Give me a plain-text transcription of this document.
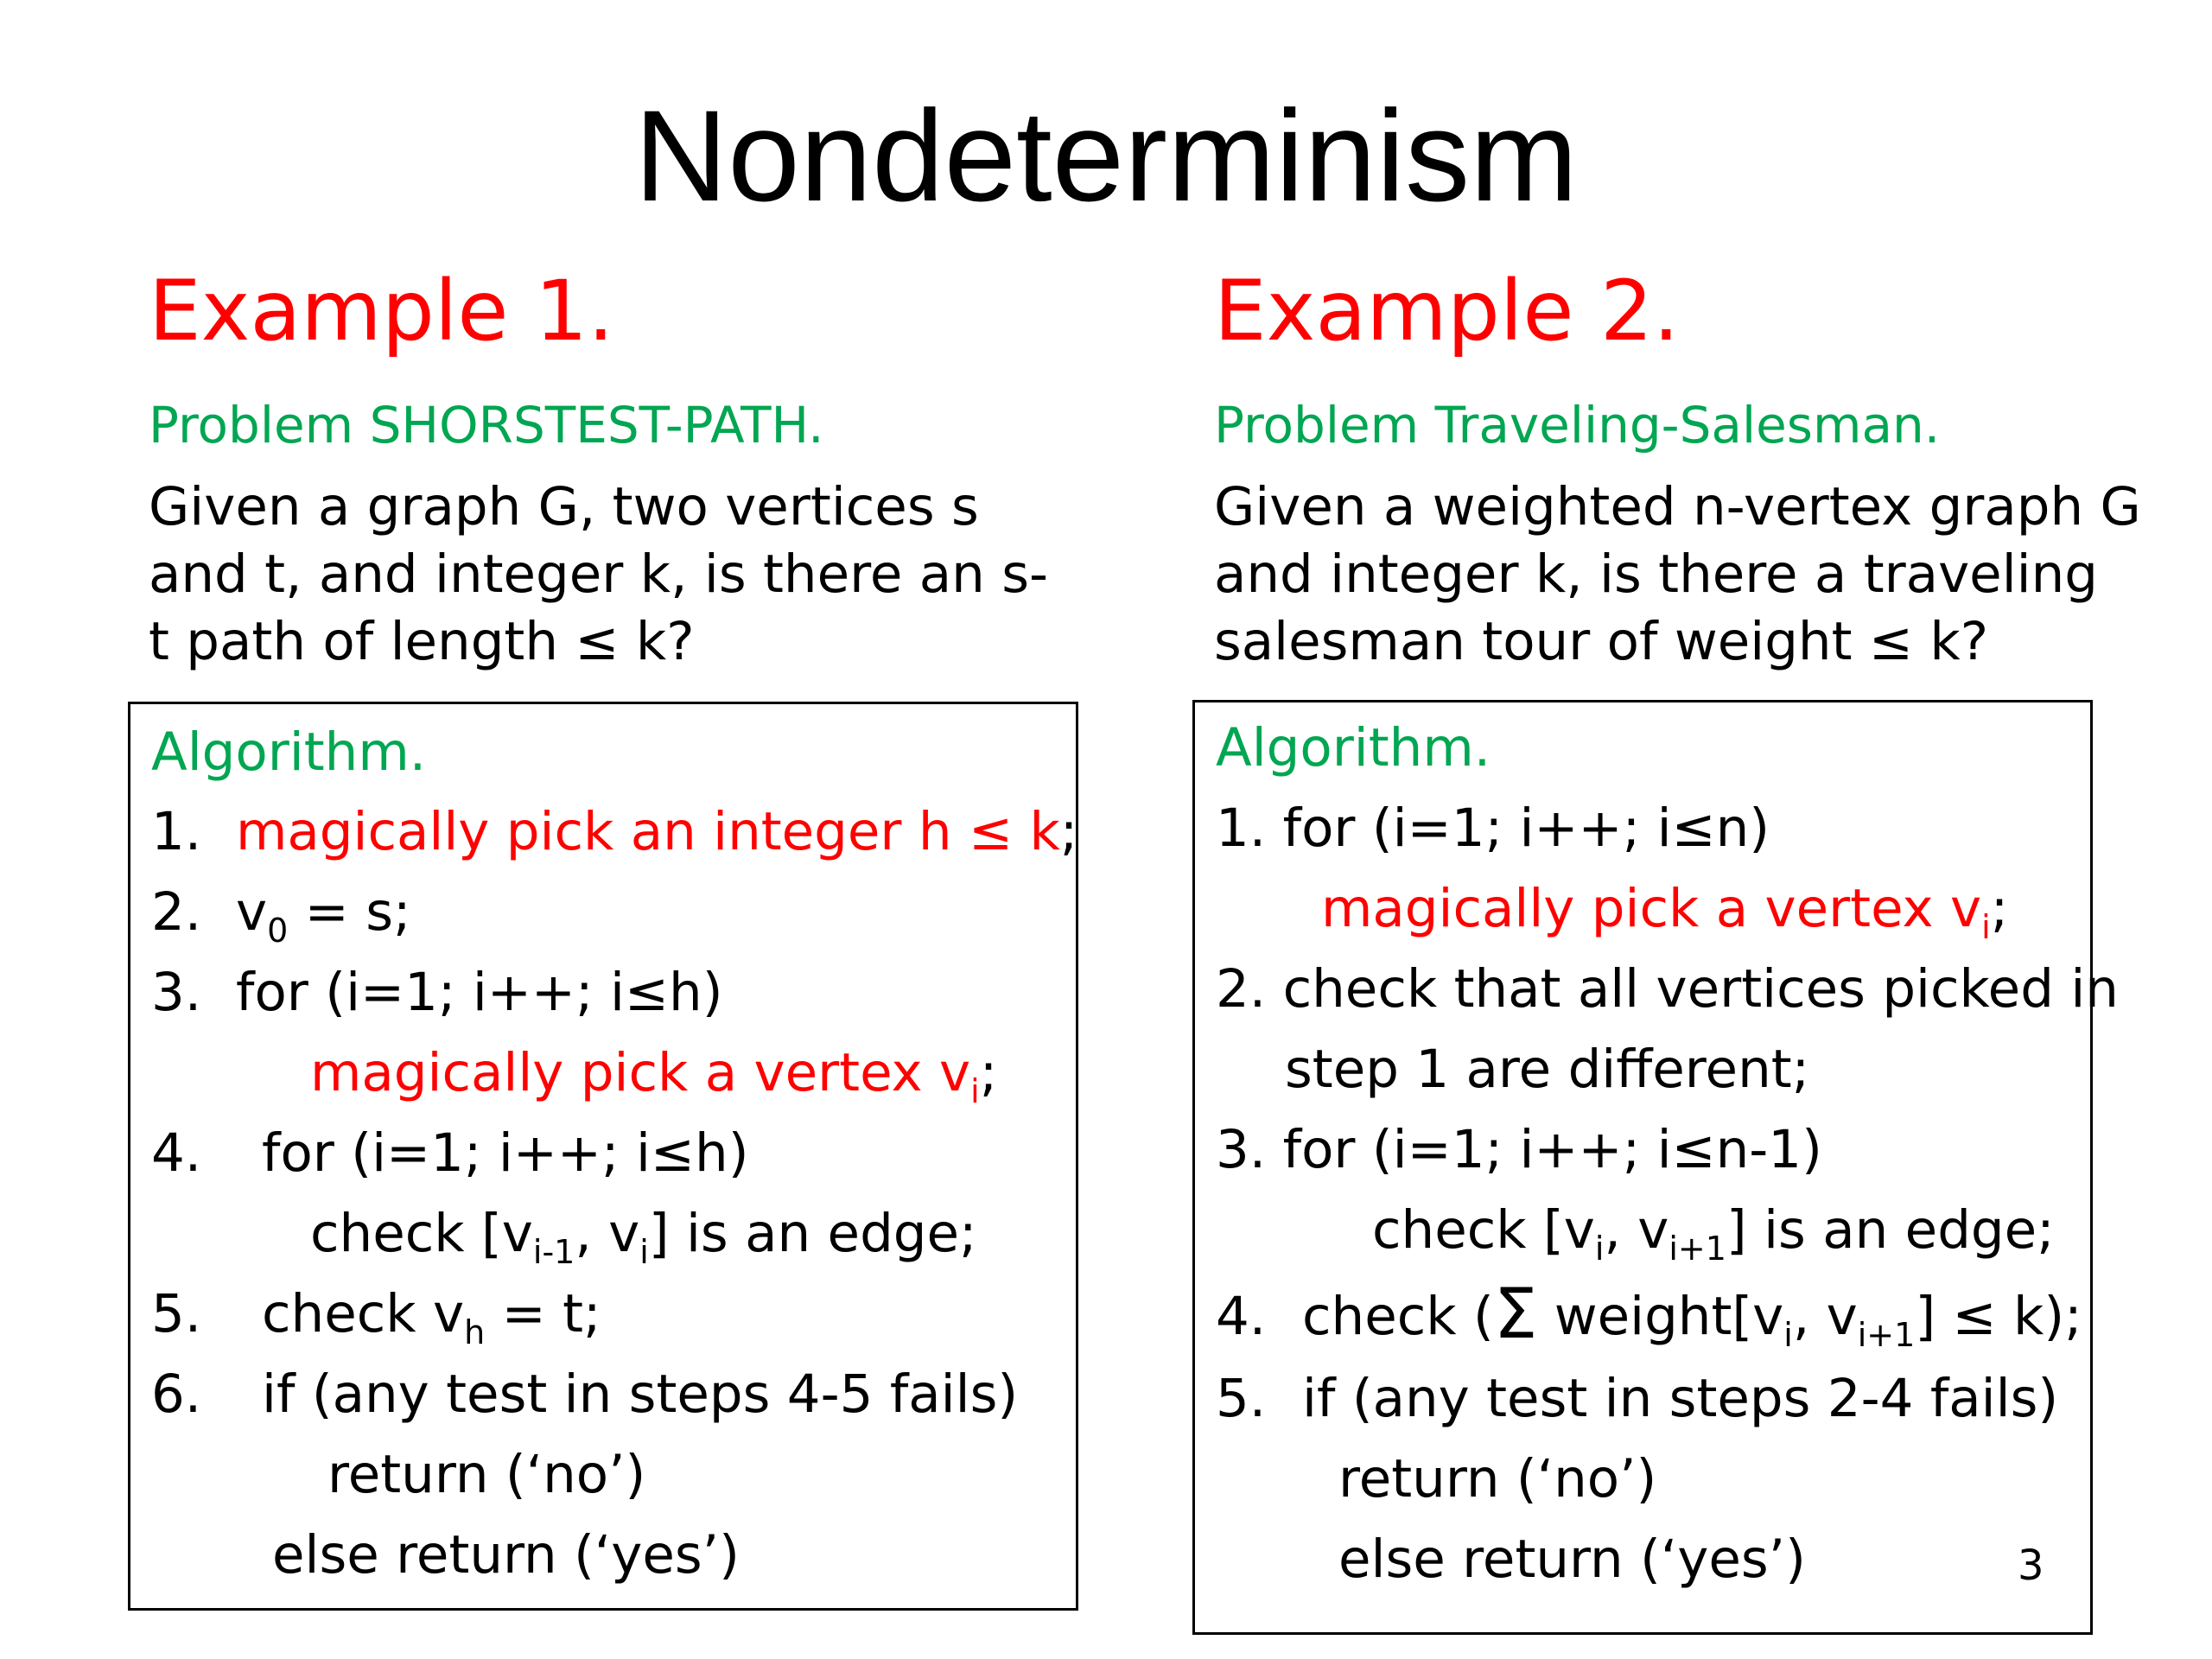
Nondeterminism
Example 1.
Problem SHORSTEST-PATH.
Given a graph G, two vertices s and t, and integer k, is there an s-t path of length ≤ k?
Algorithm.
1. magically pick an integer h ≤ k;
2. $v_0 = s$;
3. for (i=1; i++; i≤h)
magically pick a vertex $v_i$;
4. for (i=1; i++; i≤h)
check [$v_{i-1}$, $v_i$] is an edge;
5. check $v_h = t$;
6. if (any test in steps 4-5 fails)
return (‘no’)
else return (‘yes’)
Example 2.
Problem Traveling-Salesman.
Given a weighted n-vertex graph G and integer k, is there a traveling salesman tour of weight ≤ k?
Algorithm.
1. for (i=1; i++; i≤n)
magically pick a vertex $v_i$;
2. check that all vertices picked in
step 1 are different;
3. for (i=1; i++; i≤n-1)
check [$v_i$, $v_{i+1}$] is an edge;
4. check (Σ $weight[v_i$, $v_{i+1}] \le k$);
5. if (any test in steps 2-4 fails)
return (‘no’)
else return (‘yes’)	3
